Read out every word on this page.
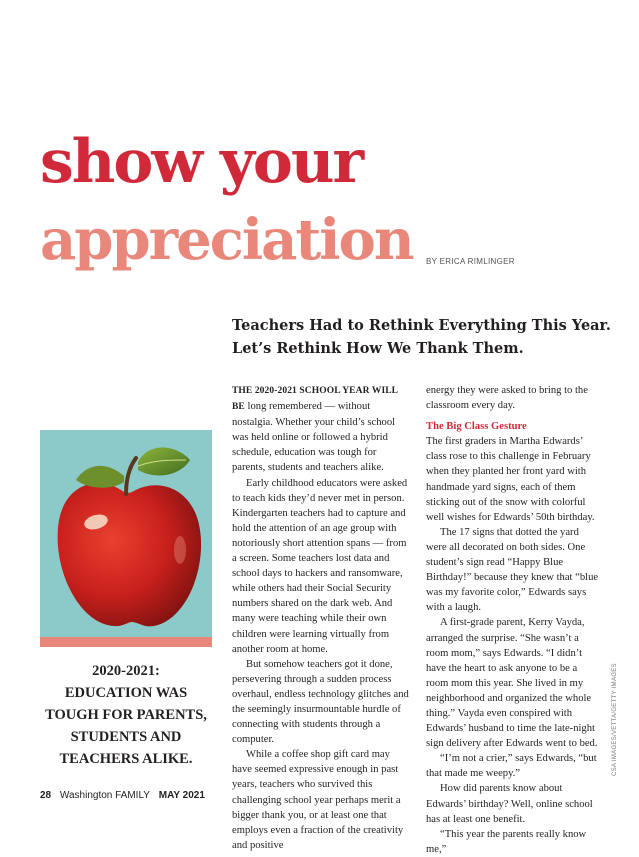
show your
appreciation BY ERICA RIMLINGER
Teachers Had to Rethink Everything This Year.
Let’s Rethink How We Thank Them.

THE 2020-2021 SCHOOL YEAR WILL BE long remembered — without nostalgia. Whether your child’s school was held online or followed a hybrid schedule, education was tough for parents, students and teachers alike.

Early childhood educators were asked to teach kids they’d never met in person. Kindergarten teachers had to capture and hold the attention of an age group with notoriously short attention spans — from a screen. Some teachers lost data and school days to hackers and ransomware, while others had their Social Security numbers shared on the dark web. And many were teaching while their own children were learning virtually from another room at home.

But somehow teachers got it done, persevering through a sudden process overhaul, endless technology glitches and the seemingly insurmountable hurdle of connecting with students through a computer.

While a coffee shop gift card may have seemed expressive enough in past years, teachers who survived this challenging school year perhaps merit a bigger thank you, or at least one that employs even a fraction of the creativity and positive

energy they were asked to bring to the classroom every day.

The Big Class Gesture

The first graders in Martha Edwards’ class rose to this challenge in February when they planted her front yard with handmade yard signs, each of them sticking out of the snow with colorful well wishes for Edwards’ 50th birthday.

The 17 signs that dotted the yard were all decorated on both sides. One student’s sign read “Happy Blue Birthday!” because they knew that “blue was my favorite color,” Edwards says with a laugh.

A first-grade parent, Kerry Vayda, arranged the surprise. “She wasn’t a room mom,” says Edwards. “I didn’t have the heart to ask anyone to be a room mom this year. She lived in my neighborhood and organized the whole thing.” Vayda even conspired with Edwards’ husband to time the late-night sign delivery after Edwards went to bed.

“I’m not a crier,” says Edwards, “but that made me weepy.”

How did parents know about Edwards’ birthday? Well, online school has at least one benefit.

“This year the parents really know me,”

2020-2021:
EDUCATION WAS
TOUGH FOR PARENTS,
STUDENTS AND
TEACHERS ALIKE.	CSA IMAGES/VETTA/GETTY IMAGES
28 Washington FAMILY MAY 2021
